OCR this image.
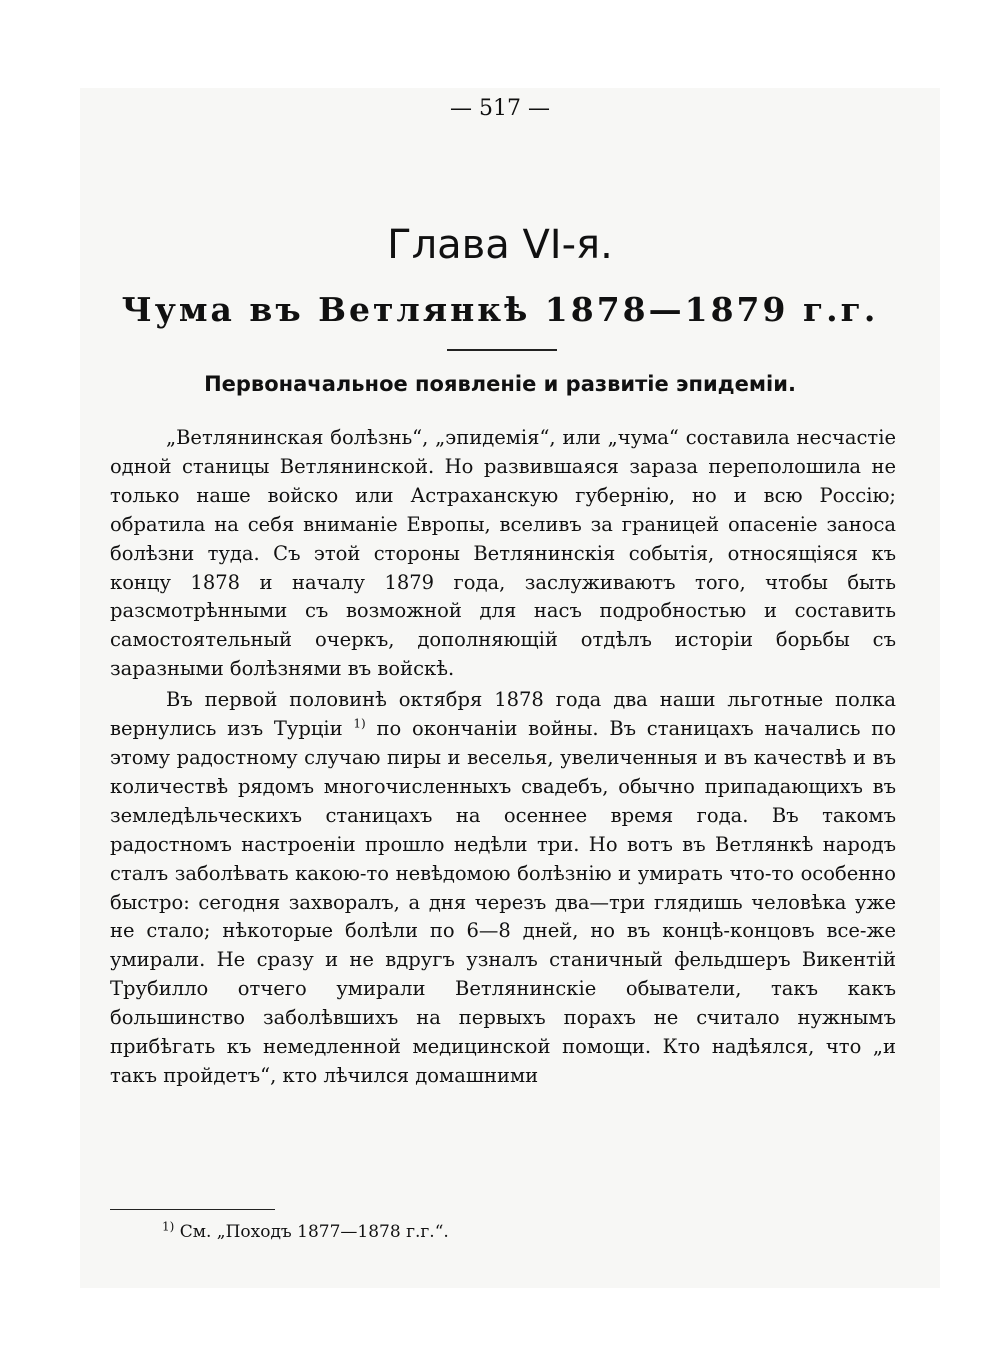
— 517 —
Глава VI-я.
Чума въ Ветлянкѣ 1878—1879 г.г.
Первоначальное появленіе и развитіе эпидеміи.

„Ветлянинская болѣзнь“, „эпидемія“, или „чума“ составила несчастіе одной станицы Ветлянинской. Но развившаяся зараза переполошила не только наше войско или Астраханскую губернію, но и всю Россію; обратила на себя вниманіе Европы, вселивъ за границей опасеніе заноса болѣзни туда. Съ этой стороны Ветлянинскія событія, относящіяся къ концу 1878 и началу 1879 года, заслуживаютъ того, чтобы быть разсмотрѣнными съ возможной для насъ подробностью и составить самостоятельный очеркъ, дополняющій отдѣлъ исторіи борьбы съ заразными болѣзнями въ войскѣ.

Въ первой половинѣ октября 1878 года два наши льготные полка вернулись изъ Турціи $^{1)}$ по окончаніи войны. Въ станицахъ начались по этому радостному случаю пиры и веселья, увеличенныя и въ качествѣ и въ количествѣ рядомъ многочисленныхъ свадебъ, обычно припадающихъ въ земледѣльческихъ станицахъ на осеннее время года. Въ такомъ радостномъ настроеніи прошло недѣли три. Но вотъ въ Ветлянкѣ народъ сталъ заболѣвать какою-то невѣдомою болѣзнію и умирать что-то особенно быстро: сегодня захворалъ, а дня черезъ два—три глядишь человѣка уже не стало; нѣкоторые болѣли по 6—8 дней, но въ концѣ-концовъ все-же умирали. Не сразу и не вдругъ узналъ станичный фельдшеръ Викентій Трубилло отчего умирали Ветлянинскіе обыватели, такъ какъ большинство заболѣвшихъ на первыхъ порахъ не считало нужнымъ прибѣгать къ немедленной медицинской помощи. Кто надѣялся, что „и такъ пройдетъ“, кто лѣчился домашними

$^{1)}$ См. „Походъ 1877—1878 г.г.“.
